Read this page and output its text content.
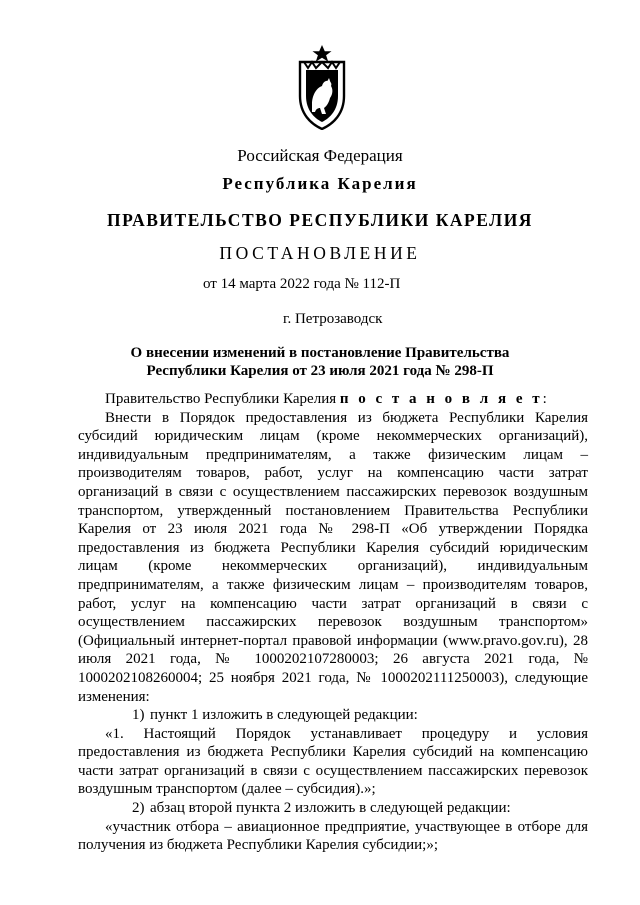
Российская Федерация
Республика Карелия
ПРАВИТЕЛЬСТВО РЕСПУБЛИКИ КАРЕЛИЯ
ПОСТАНОВЛЕНИЕ
от 14 марта 2022 года № 112-П
г. Петрозаводск
О внесении изменений в постановление Правительства
Республики Карелия от 23 июля 2021 года № 298-П
Правительство Республики Карелия п о с т а н о в л я е т:
Внести в Порядок предоставления из бюджета Республики Карелия субсидий юридическим лицам (кроме некоммерческих организаций), индивидуальным предпринимателям, а также физическим лицам – производителям товаров, работ, услуг на компенсацию части затрат организаций в связи с осуществлением пассажирских перевозок воздушным транспортом, утвержденный постановлением Правительства Республики Карелия от 23 июля 2021 года № 298-П «Об утверждении Порядка предоставления из бюджета Республики Карелия субсидий юридическим лицам (кроме некоммерческих организаций), индивидуальным предпринимателям, а также физическим лицам – производителям товаров, работ, услуг на компенсацию части затрат организаций в связи с осуществлением пассажирских перевозок воздушным транспортом» (Официальный интернет-портал правовой информации (www.pravo.gov.ru), 28 июля 2021 года, № 1000202107280003; 26 августа 2021 года, № 1000202108260004; 25 ноября 2021 года, № 1000202111250003), следующие изменения:
1) пункт 1 изложить в следующей редакции:
«1. Настоящий Порядок устанавливает процедуру и условия предоставления из бюджета Республики Карелия субсидий на компенсацию части затрат организаций в связи с осуществлением пассажирских перевозок воздушным транспортом (далее – субсидия).»;
2) абзац второй пункта 2 изложить в следующей редакции:
«участник отбора – авиационное предприятие, участвующее в отборе для получения из бюджета Республики Карелия субсидии;»;
